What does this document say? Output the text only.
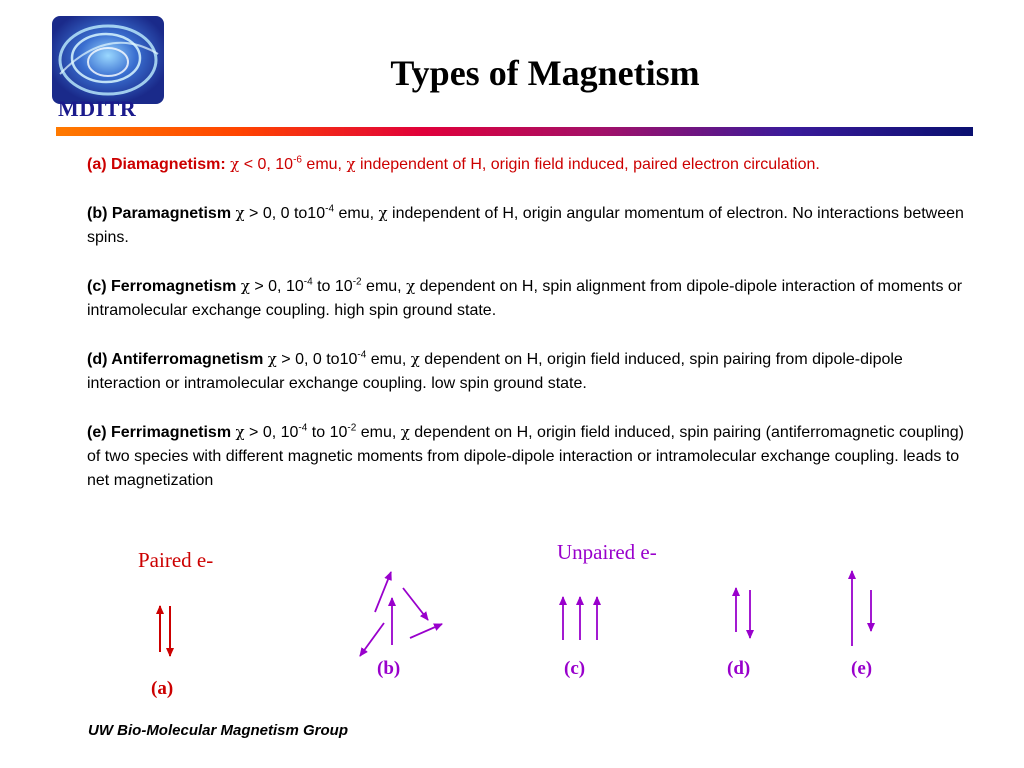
MDITR
Types of Magnetism

(a) Diamagnetism: χ < 0, $10^{-6}$ emu, χ independent of H, origin field induced, paired electron circulation.

(b) Paramagnetism χ > 0, 0 $to10^{-4}$ emu, χ independent of H, origin angular momentum of electron. No interactions between spins.

(c) Ferromagnetism χ > 0, $10^{-4}$ to $10^{-2}$ emu, χ dependent on H, spin alignment from dipole-dipole interaction of moments or intramolecular exchange coupling. high spin ground state.

(d) Antiferromagnetism χ > 0, 0 $to10^{-4}$ emu, χ dependent on H, origin field induced, spin pairing from dipole-dipole interaction or intramolecular exchange coupling. low spin ground state.

(e) Ferrimagnetism χ > 0, $10^{-4}$ to $10^{-2}$ emu, χ dependent on H, origin field induced, spin pairing (antiferromagnetic coupling) of two species with different magnetic moments from dipole-dipole interaction or intramolecular exchange coupling. leads to net magnetization

Paired e-	Unpaired e-
(a)
(b)	(c)	(d)	(e)
UW Bio-Molecular Magnetism Group
